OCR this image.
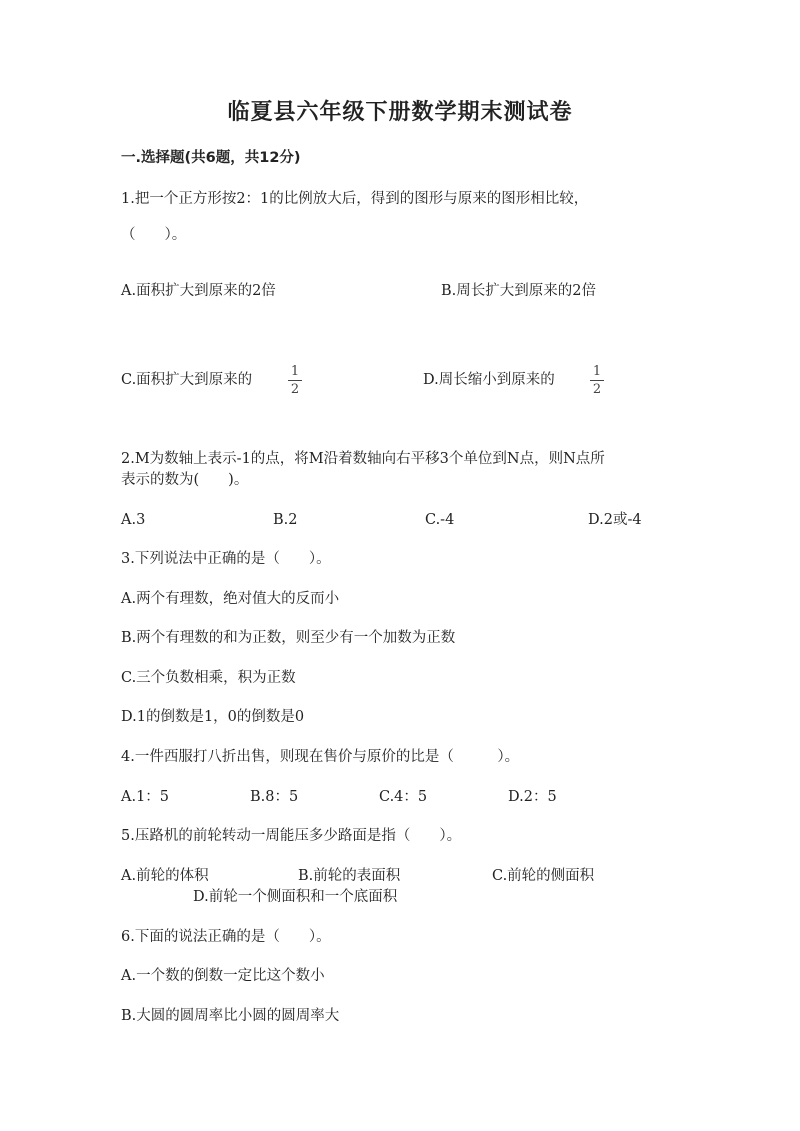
临夏县六年级下册数学期末测试卷
一.选择题(共6题，共12分)
1.把一个正方形按2：1的比例放大后，得到的图形与原来的图形相比较，
（　　）。
A.面积扩大到原来的2倍	B.周长扩大到原来的2倍
C.面积扩大到原来的
1
2
D.周长缩小到原来的
1
2
2.M为数轴上表示-1的点，将M沿着数轴向右平移3个单位到N点，则N点所
表示的数为(　　)。
A.3	B.2	C.-4	D.2或-4
3.下列说法中正确的是（　　）。
A.两个有理数，绝对值大的反而小
B.两个有理数的和为正数，则至少有一个加数为正数
C.三个负数相乘，积为正数
D.1的倒数是1，0的倒数是0
4.一件西服打八折出售，则现在售价与原价的比是（　　　）。
A.1：5	B.8：5	C.4：5	D.2：5
5.压路机的前轮转动一周能压多少路面是指（　　）。
A.前轮的体积	B.前轮的表面积	C.前轮的侧面积
D.前轮一个侧面积和一个底面积
6.下面的说法正确的是（　　）。
A.一个数的倒数一定比这个数小
B.大圆的圆周率比小圆的圆周率大
